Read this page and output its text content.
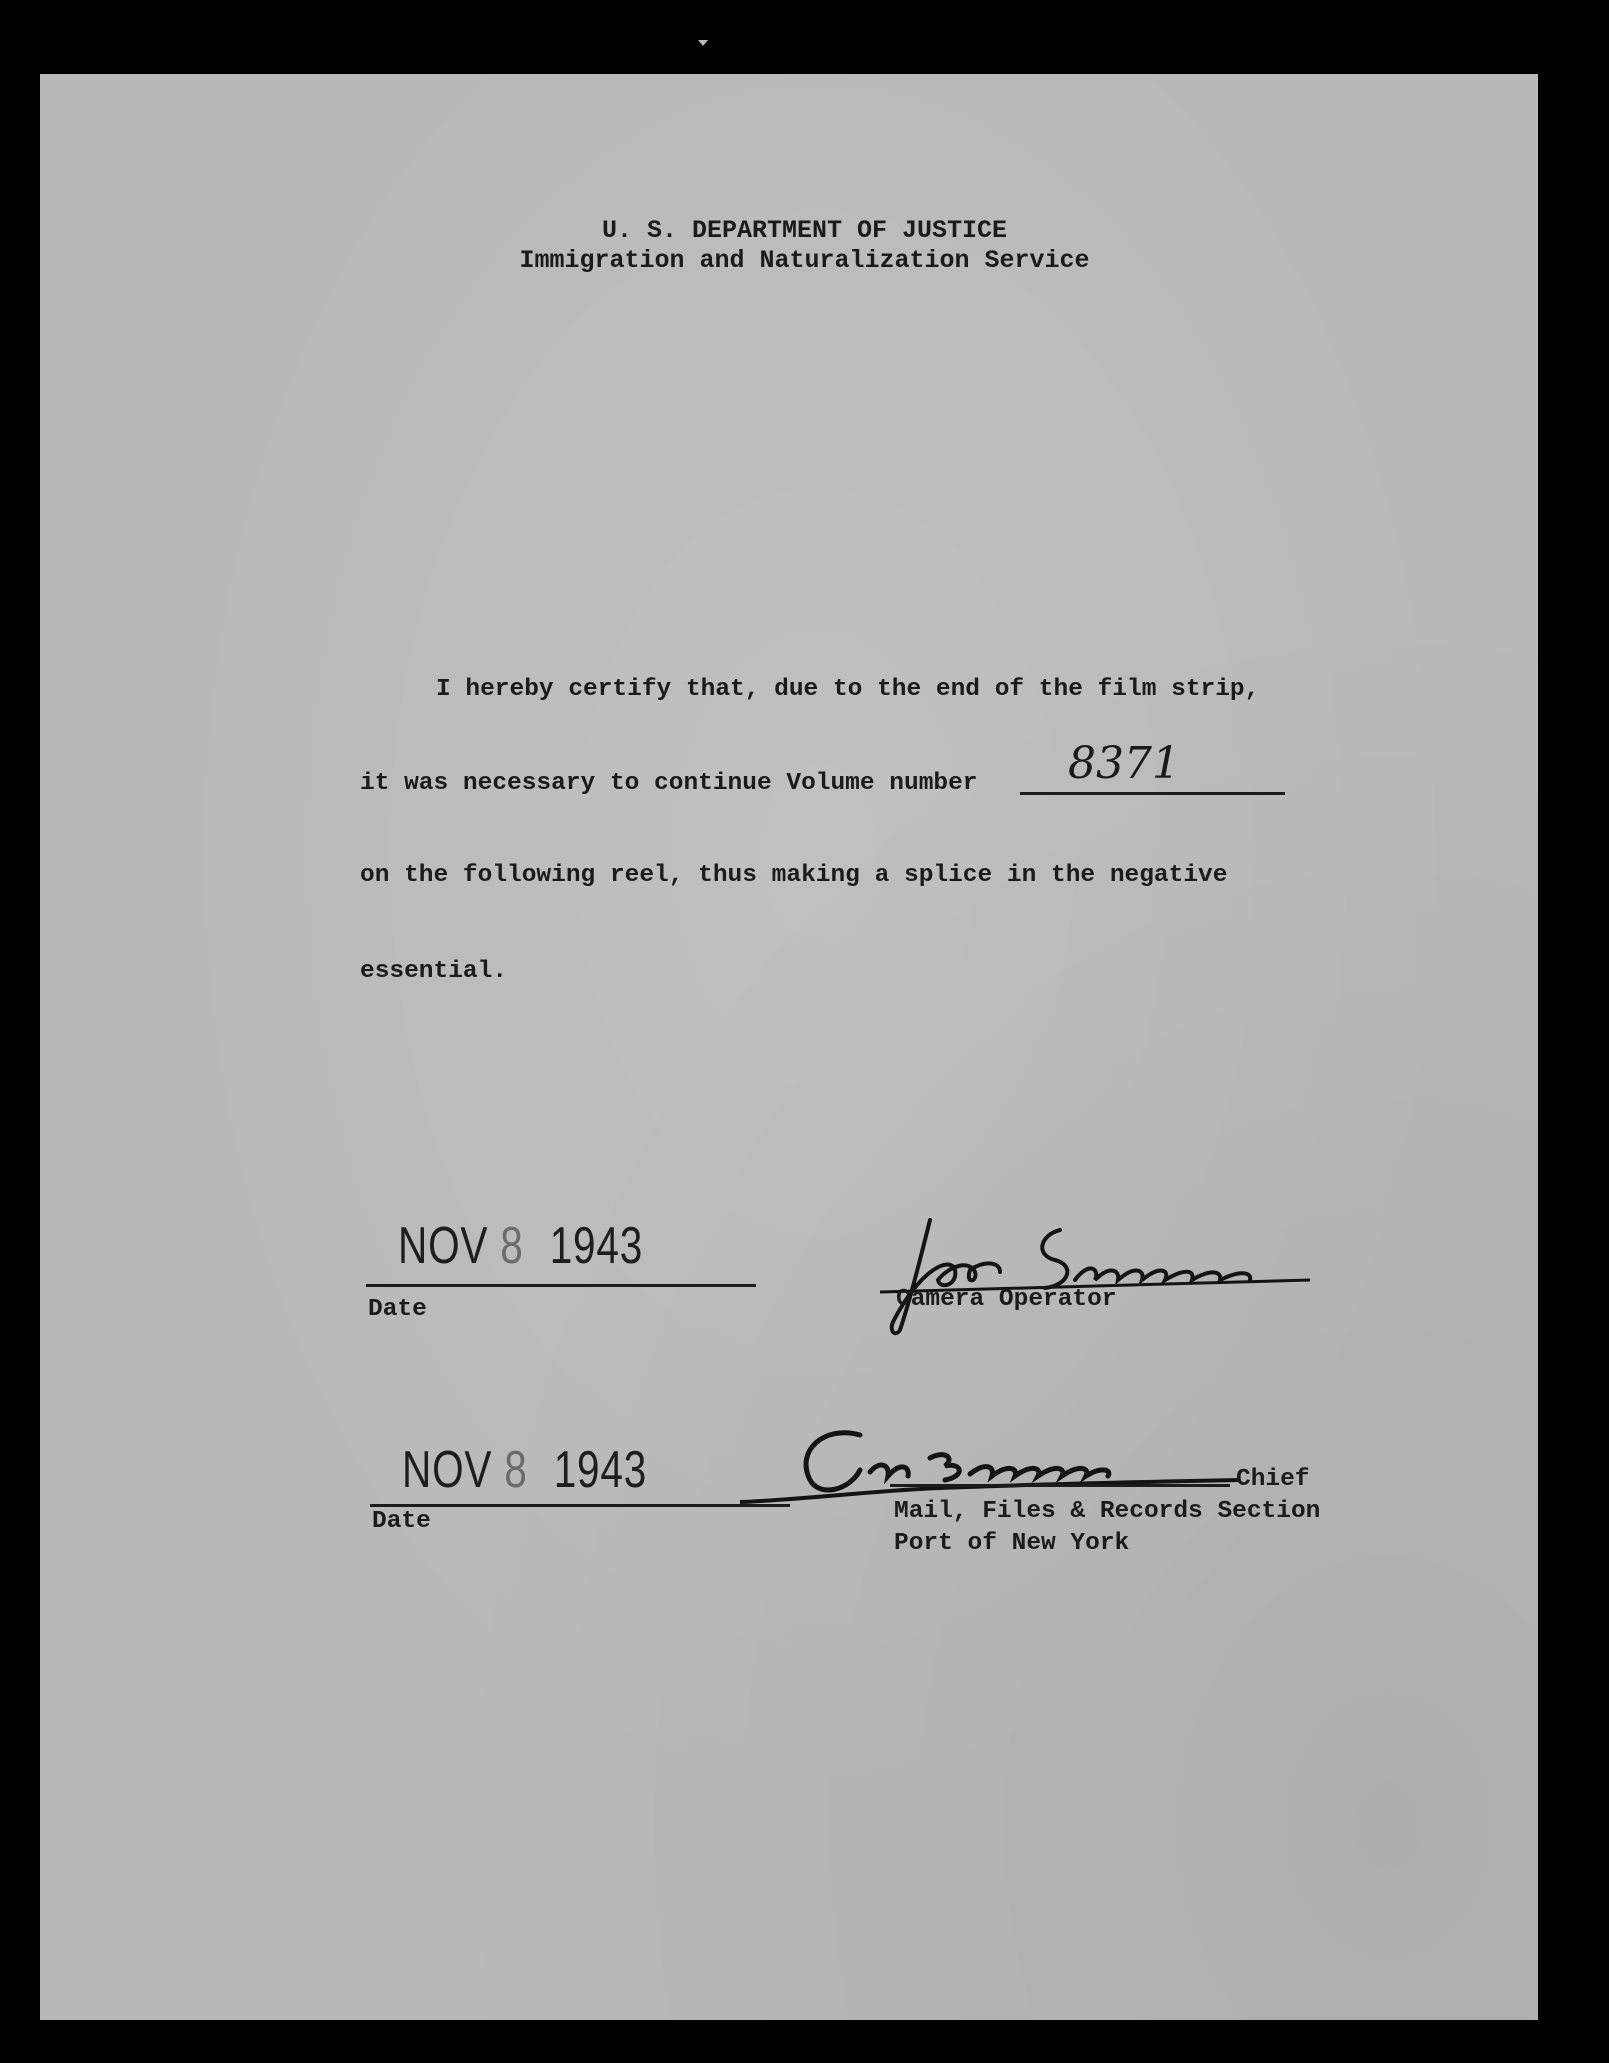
U. S. DEPARTMENT OF JUSTICE
Immigration and Naturalization Service
I hereby certify that, due to the end of the film strip,
it was necessary to continue Volume number 8371
on the following reel, thus making a splice in the negative
essential.
NOV 8 1943
Date	Camera Operator
NOV 8 1943
Date
Chief
Mail, Files & Records Section
Port of New York
